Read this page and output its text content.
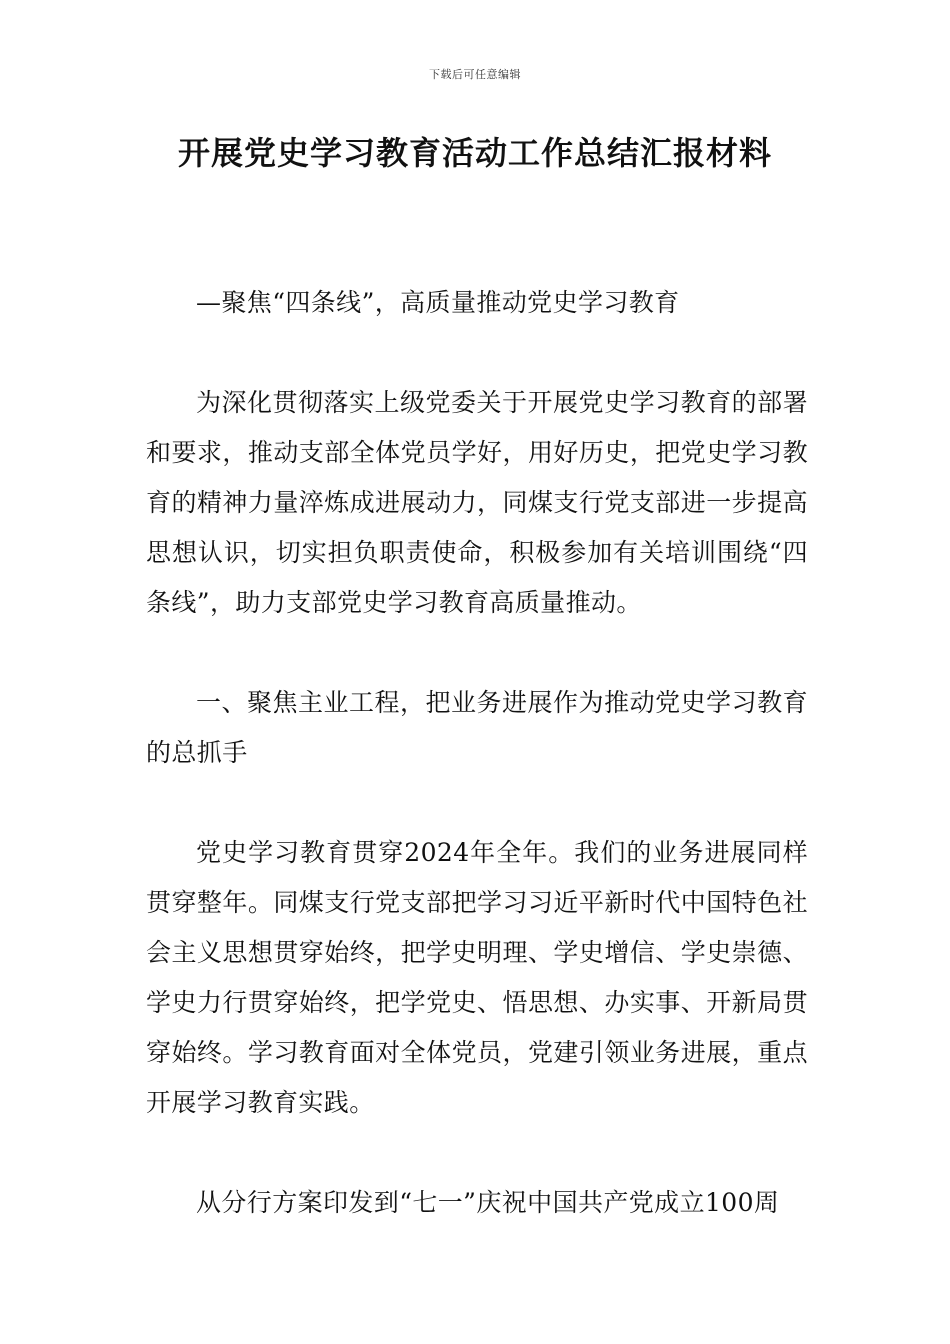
下载后可任意编辑
开展党史学习教育活动工作总结汇报材料

—聚焦“四条线”，高质量推动党史学习教育

为深化贯彻落实上级党委关于开展党史学习教育的部署和要求，推动支部全体党员学好，用好历史，把党史学习教育的精神力量淬炼成进展动力，同煤支行党支部进一步提高思想认识，切实担负职责使命，积极参加有关培训围绕“四条线”，助力支部党史学习教育高质量推动。

一、聚焦主业工程，把业务进展作为推动党史学习教育的总抓手

党史学习教育贯穿2024年全年。我们的业务进展同样贯穿整年。同煤支行党支部把学习习近平新时代中国特色社会主义思想贯穿始终，把学史明理、学史增信、学史崇德、学史力行贯穿始终，把学党史、悟思想、办实事、开新局贯穿始终。学习教育面对全体党员，党建引领业务进展，重点开展学习教育实践。

从分行方案印发到“七一”庆祝中国共产党成立100周
